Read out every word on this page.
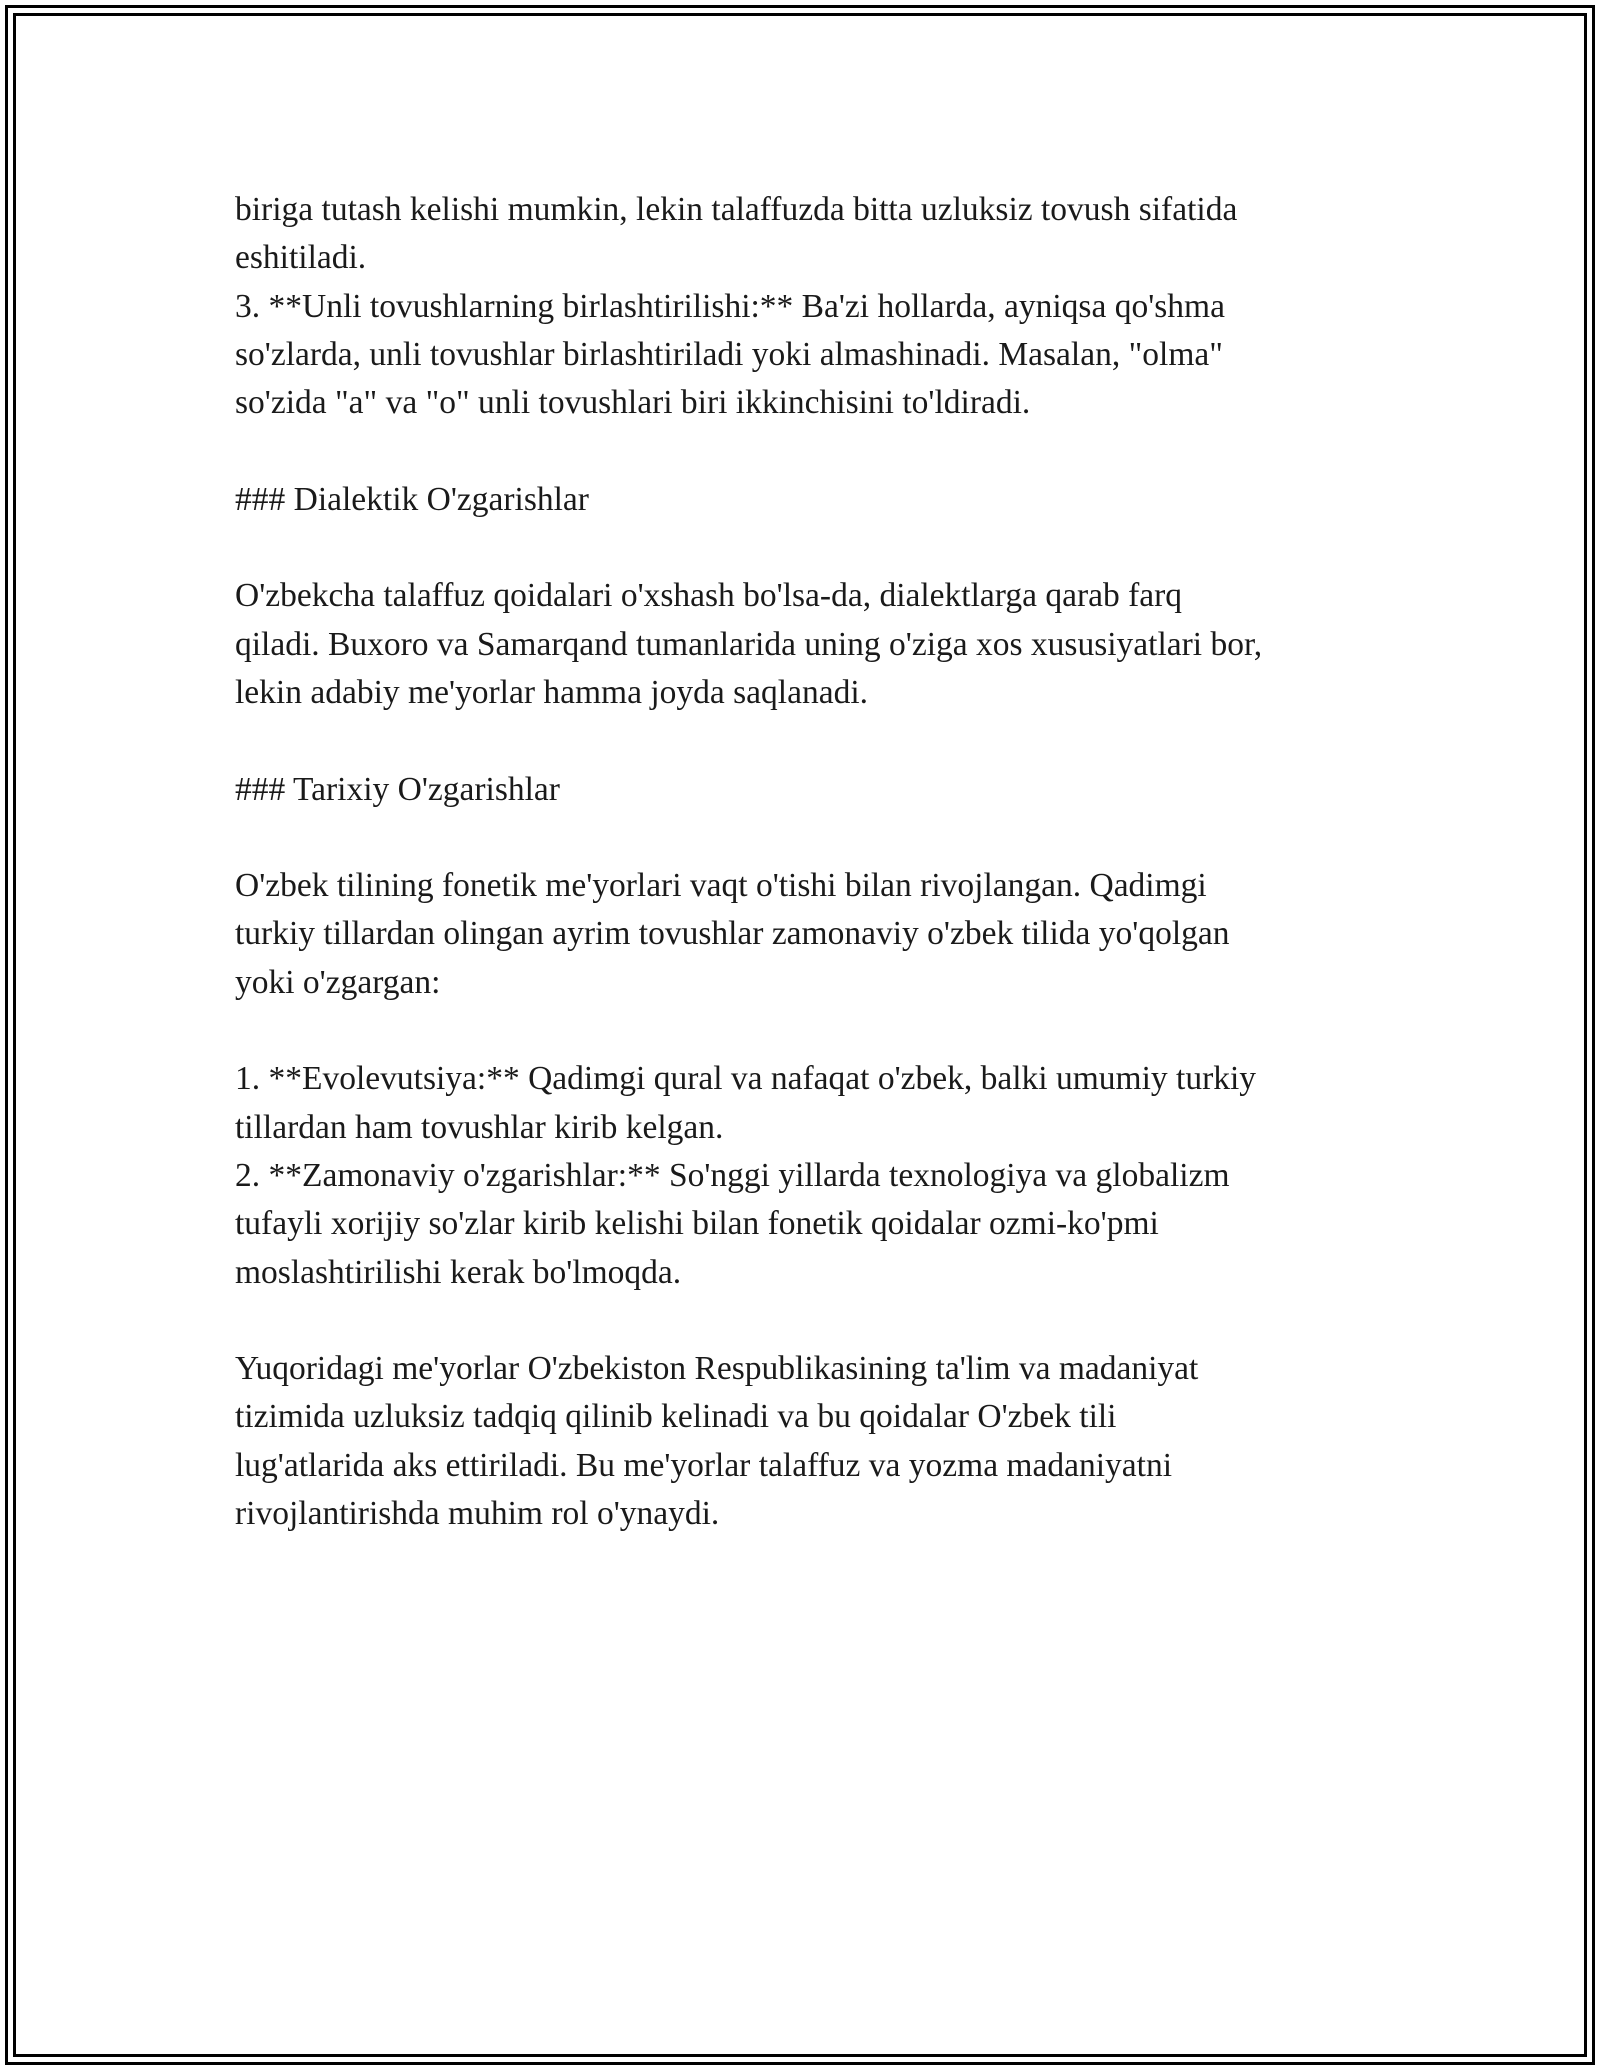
biriga tutash kelishi mumkin, lekin talaffuzda bitta uzluksiz tovush sifatida
eshitiladi.
3. **Unli tovushlarning birlashtirilishi:** Ba'zi hollarda, ayniqsa qo'shma
so'zlarda, unli tovushlar birlashtiriladi yoki almashinadi. Masalan, "olma"
so'zida "a" va "o" unli tovushlari biri ikkinchisini to'ldiradi.
### Dialektik O'zgarishlar
O'zbekcha talaffuz qoidalari o'xshash bo'lsa-da, dialektlarga qarab farq
qiladi. Buxoro va Samarqand tumanlarida uning o'ziga xos xususiyatlari bor,
lekin adabiy me'yorlar hamma joyda saqlanadi.
### Tarixiy O'zgarishlar
O'zbek tilining fonetik me'yorlari vaqt o'tishi bilan rivojlangan. Qadimgi
turkiy tillardan olingan ayrim tovushlar zamonaviy o'zbek tilida yo'qolgan
yoki o'zgargan:
1. **Evolevutsiya:** Qadimgi qural va nafaqat o'zbek, balki umumiy turkiy
tillardan ham tovushlar kirib kelgan.
2. **Zamonaviy o'zgarishlar:** So'nggi yillarda texnologiya va globalizm
tufayli xorijiy so'zlar kirib kelishi bilan fonetik qoidalar ozmi-ko'pmi
moslashtirilishi kerak bo'lmoqda.
Yuqoridagi me'yorlar O'zbekiston Respublikasining ta'lim va madaniyat
tizimida uzluksiz tadqiq qilinib kelinadi va bu qoidalar O'zbek tili
lug'atlarida aks ettiriladi. Bu me'yorlar talaffuz va yozma madaniyatni
rivojlantirishda muhim rol o'ynaydi.
